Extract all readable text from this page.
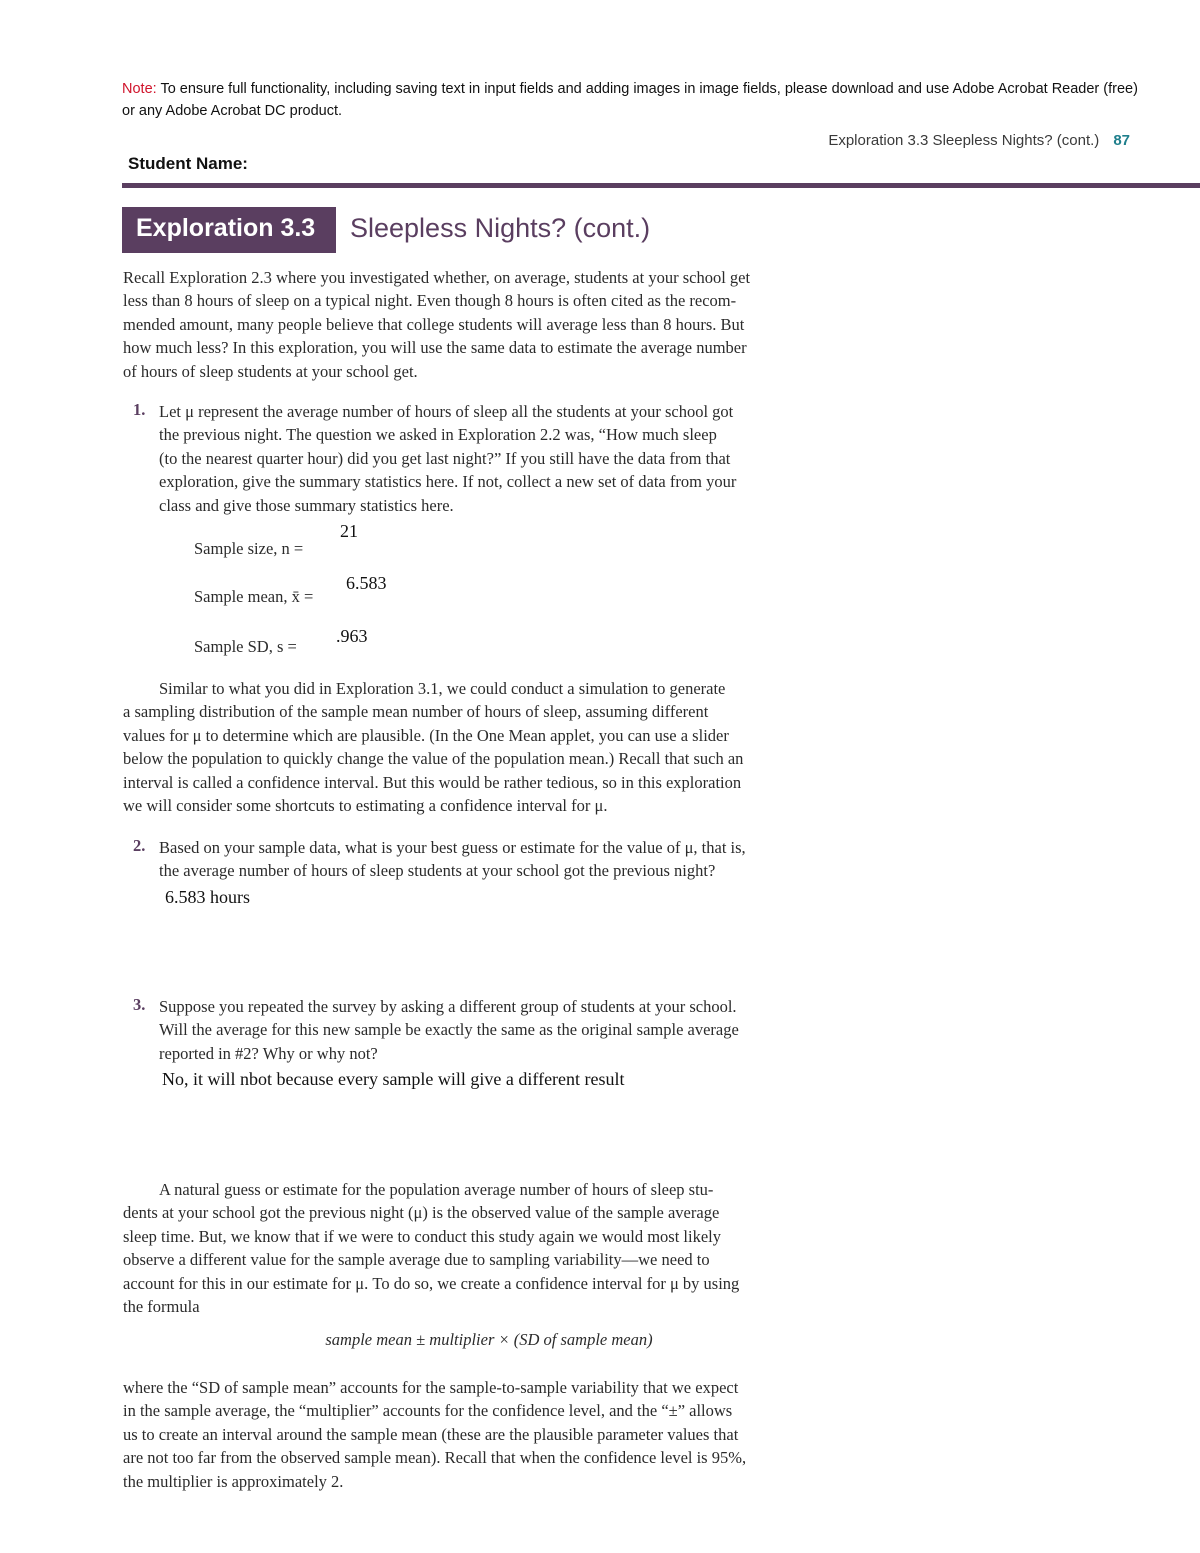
Note: To ensure full functionality, including saving text in input fields and adding images in image fields, please download and use Adobe Acrobat Reader (free) or any Adobe Acrobat DC product.
Exploration 3.3 Sleepless Nights? (cont.) 87
Student Name:
Exploration 3.3 Sleepless Nights? (cont.)
Recall Exploration 2.3 where you investigated whether, on average, students at your school get
less than 8 hours of sleep on a typical night. Even though 8 hours is often cited as the recom-
mended amount, many people believe that college students will average less than 8 hours. But
how much less? In this exploration, you will use the same data to estimate the average number
of hours of sleep students at your school get.
1. Let μ represent the average number of hours of sleep all the students at your school got
the previous night. The question we asked in Exploration 2.2 was, “How much sleep
(to the nearest quarter hour) did you get last night?” If you still have the data from that
exploration, give the summary statistics here. If not, collect a new set of data from your
class and give those summary statistics here.
Sample size, n =
21
Sample mean, x̄ =
6.583
Sample SD, s =
.963
Similar to what you did in Exploration 3.1, we could conduct a simulation to generate
a sampling distribution of the sample mean number of hours of sleep, assuming different
values for μ to determine which are plausible. (In the One Mean applet, you can use a slider
below the population to quickly change the value of the population mean.) Recall that such an
interval is called a confidence interval. But this would be rather tedious, so in this exploration
we will consider some shortcuts to estimating a confidence interval for μ.
2. Based on your sample data, what is your best guess or estimate for the value of μ, that is,
the average number of hours of sleep students at your school got the previous night?
6.583 hours
3. Suppose you repeated the survey by asking a different group of students at your school.
Will the average for this new sample be exactly the same as the original sample average
reported in #2? Why or why not?
No, it will nbot because every sample will give a different result
A natural guess or estimate for the population average number of hours of sleep stu-
dents at your school got the previous night (μ) is the observed value of the sample average
sleep time. But, we know that if we were to conduct this study again we would most likely
observe a different value for the sample average due to sampling variability—we need to
account for this in our estimate for μ. To do so, we create a confidence interval for μ by using
the formula
sample mean ± multiplier × (SD of sample mean)
where the “SD of sample mean” accounts for the sample-to-sample variability that we expect
in the sample average, the “multiplier” accounts for the confidence level, and the “±” allows
us to create an interval around the sample mean (these are the plausible parameter values that
are not too far from the observed sample mean). Recall that when the confidence level is 95%,
the multiplier is approximately 2.
